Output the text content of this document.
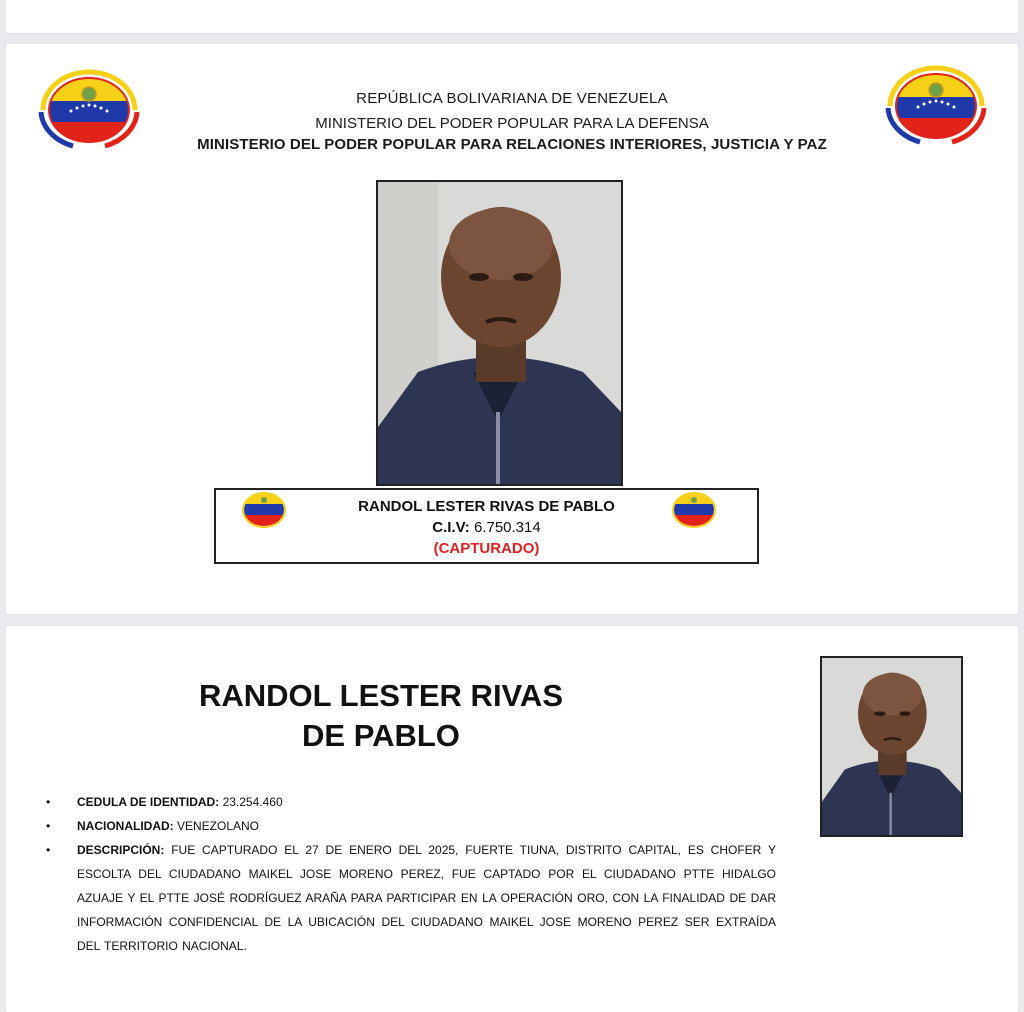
REPÚBLICA BOLIVARIANA DE VENEZUELA
MINISTERIO DEL PODER POPULAR PARA LA DEFENSA
MINISTERIO DEL PODER POPULAR PARA RELACIONES INTERIORES, JUSTICIA Y PAZ
RANDOL LESTER RIVAS DE PABLO
C.I.V: 6.750.314
(CAPTURADO)
RANDOL LESTER RIVAS
DE PABLO
• CEDULA DE IDENTIDAD: 23.254.460
• NACIONALIDAD: VENEZOLANO
• DESCRIPCIÓN: FUE CAPTURADO EL 27 DE ENERO DEL 2025, FUERTE TIUNA, DISTRITO CAPITAL, ES CHOFER Y ESCOLTA DEL CIUDADANO MAIKEL JOSE MORENO PEREZ, FUE CAPTADO POR EL CIUDADANO PTTE HIDALGO AZUAJE Y EL PTTE JOSÉ RODRÍGUEZ ARAÑA PARA PARTICIPAR EN LA OPERACIÓN ORO, CON LA FINALIDAD DE DAR INFORMACIÓN CONFIDENCIAL DE LA UBICACIÓN DEL CIUDADANO MAIKEL JOSE MORENO PEREZ SER EXTRAÍDA DEL TERRITORIO NACIONAL.
